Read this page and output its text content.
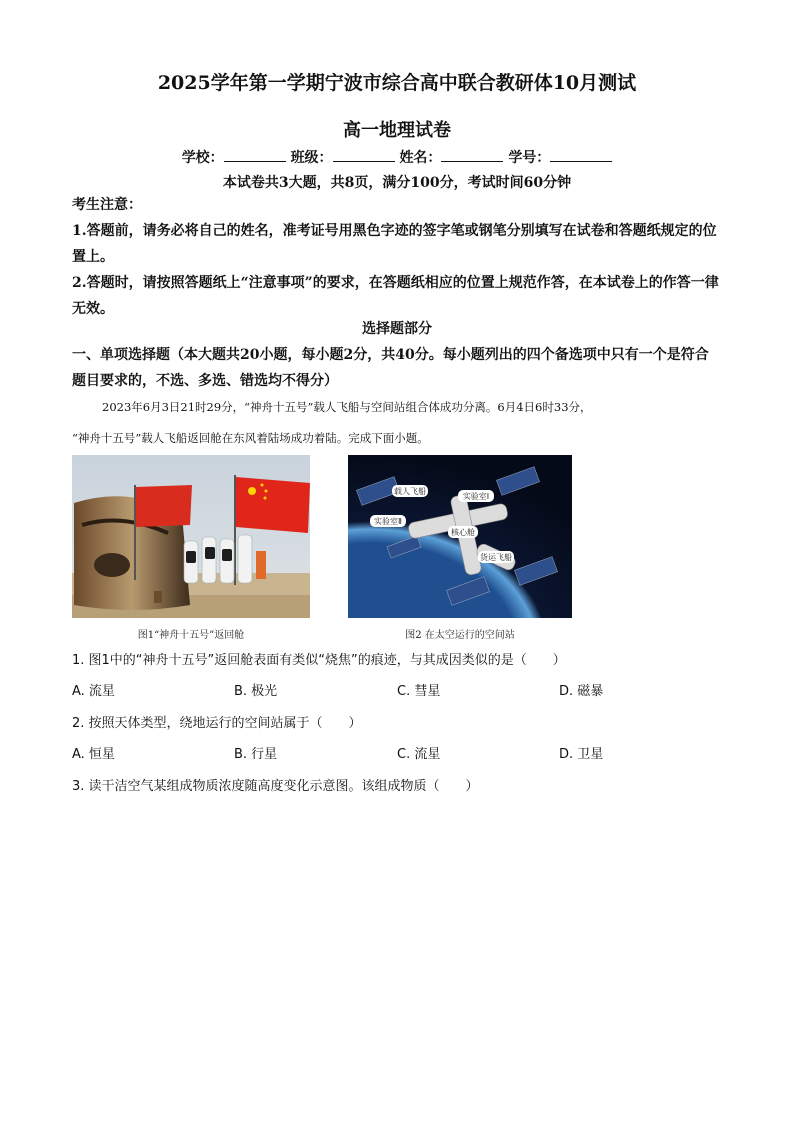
2025学年第一学期宁波市综合高中联合教研体10月测试
高一地理试卷
学校：	班级：	姓名：	学号：
本试卷共3大题，共8页，满分100分，考试时间60分钟
考生注意：
1.答题前，请务必将自己的姓名，准考证号用黑色字迹的签字笔或钢笔分别填写在试卷和答题纸规定的位置上。
2.答题时，请按照答题纸上“注意事项”的要求，在答题纸相应的位置上规范作答，在本试卷上的作答一律无效。
选择题部分
一、单项选择题（本大题共20小题，每小题2分，共40分。每小题列出的四个备选项中只有一个是符合题目要求的，不选、多选、错选均不得分）
2023年6月3日21时29分，“神舟十五号”载人飞船与空间站组合体成功分离。6月4日6时33分，
“神舟十五号”载人飞船返回舱在东风着陆场成功着陆。完成下面小题。
图1“神舟十五号”返回舱
载人飞船
实验室Ⅰ
实验室Ⅱ
核心舱
货运飞船
图2 在太空运行的空间站
1. 图1中的“神舟十五号”返回舱表面有类似“烧焦”的痕迹，与其成因类似的是（　　）
A. 流星	B. 极光	C. 彗星	D. 磁暴
2. 按照天体类型，绕地运行的空间站属于（　　）
A. 恒星	B. 行星	C. 流星	D. 卫星
3. 读干洁空气某组成物质浓度随高度变化示意图。该组成物质（　　）
